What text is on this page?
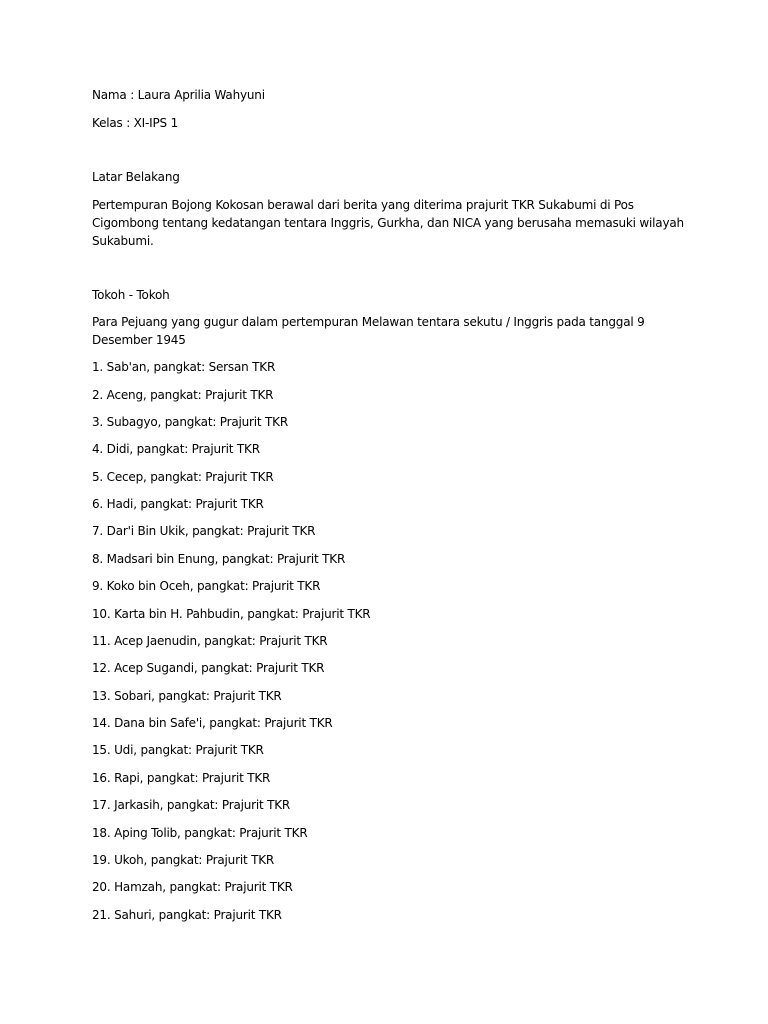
Nama : Laura Aprilia Wahyuni
Kelas : XI-IPS 1
Latar Belakang
Pertempuran Bojong Kokosan berawal dari berita yang diterima prajurit TKR Sukabumi di Pos
Cigombong tentang kedatangan tentara Inggris, Gurkha, dan NICA yang berusaha memasuki wilayah
Sukabumi.
Tokoh - Tokoh
Para Pejuang yang gugur dalam pertempuran Melawan tentara sekutu / Inggris pada tanggal 9
Desember 1945
1. Sab'an, pangkat: Sersan TKR
2. Aceng, pangkat: Prajurit TKR
3. Subagyo, pangkat: Prajurit TKR
4. Didi, pangkat: Prajurit TKR
5. Cecep, pangkat: Prajurit TKR
6. Hadi, pangkat: Prajurit TKR
7. Dar'i Bin Ukik, pangkat: Prajurit TKR
8. Madsari bin Enung, pangkat: Prajurit TKR
9. Koko bin Oceh, pangkat: Prajurit TKR
10. Karta bin H. Pahbudin, pangkat: Prajurit TKR
11. Acep Jaenudin, pangkat: Prajurit TKR
12. Acep Sugandi, pangkat: Prajurit TKR
13. Sobari, pangkat: Prajurit TKR
14. Dana bin Safe'i, pangkat: Prajurit TKR
15. Udi, pangkat: Prajurit TKR
16. Rapi, pangkat: Prajurit TKR
17. Jarkasih, pangkat: Prajurit TKR
18. Aping Tolib, pangkat: Prajurit TKR
19. Ukoh, pangkat: Prajurit TKR
20. Hamzah, pangkat: Prajurit TKR
21. Sahuri, pangkat: Prajurit TKR
